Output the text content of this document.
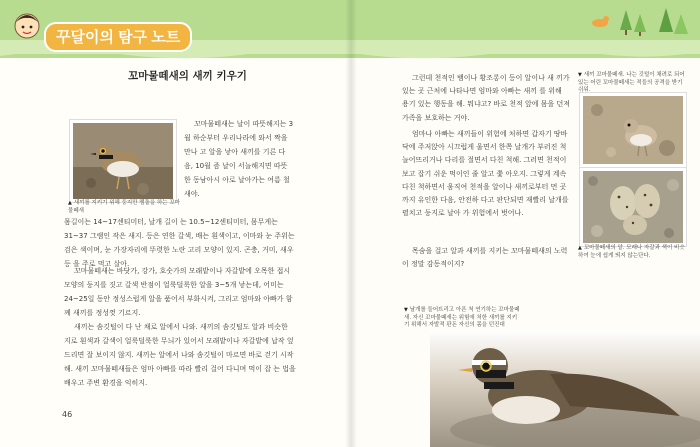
꾸달이의 탐구 노트
꼬마물떼새의 새끼 키우기
▲ 새끼를 지키기 위해 둥지만 맴돌을 하는 꼬마물떼새

꼬마물떼새는 날이 따뜻해지는 3월 하순부터 우리나라에 와서 짝을 만나 고 알을 낳아 새끼를 기른 다음, 10월 즘 날이 서늘해지면 따뜻한 동남아시 아로 날아가는 여름 철새야.

몸길이는 14~17센티미터, 날개 길이 는 10.5~12센티미터, 몸무게는 31~37 그램인 작은 새지. 등은 연한 갈색, 배는 흰색이고, 이마와 눈 주위는 검은 색이며, 눈 가장자리에 뚜렷한 노란 고리 모양이 있지. 곤충, 거미, 새우 등 을 주로 먹고 살아.

꼬마물떼새는 바닷가, 강가, 호숫가의 모래밭이나 자갈밭에 오목한 접시 모양의 둥지를 짓고 갈색 반점이 얼룩덜룩한 알을 3~5개 낳는데, 어미는 24~25일 동안 정성스럽게 알을 품어서 부화시켜, 그리고 엄마와 아빠가 함께 새끼를 정성껏 기르지.

새끼는 솜깃털이 다 난 채로 알에서 나와. 새끼의 솜깃털도 알과 비슷한 지로 흰색과 갈색이 얼룩덜룩한 무늬가 있어서 모래밭이나 자갈밭에 납작 엎드리면 잘 보이지 않지. 새끼는 알에서 나와 솜깃털이 마르면 바로 걷기 시작해. 새끼 꼬마물떼새들은 엄마 아빠를 따라 빨리 걸어 다니며 먹이 잡 는 법을 배우고 주변 환경을 익히지.

46

그런데 천적인 뱀이나 황조롱이 등이 알이나 새 끼가 있는 곳 근처에 나타나면 엄마와 아빠는 새끼 를 위해 용기 있는 행동을 해. 뭐냐고? 바로 천적 앞에 몸을 던져 가족을 보호하는 거야.

엄마나 아빠는 새끼들이 위험에 처하면 갑자기 땅바닥에 주저앉아 시끄럽게 울면서 한쪽 날개가 부러진 척 늘어뜨리거나 다리를 절면서 다친 척해. 그러면 천적이 보고 잡기 쉬운 먹이인 줄 알고 쫓 아오지. 그렇게 계속 다친 척하면서 움직여 천적을 알이나 새끼로부터 먼 곳까지 유인한 다음, 안전하 다고 판단되면 재빨리 날개를 펼치고 둥지로 날아 가 위험에서 벗어나.

목숨을 걸고 알과 새끼를 지키는 꼬마물떼새의 노력이 정말 감동적이지?

▼ 새끼 꼬마물떼새. 나는 깃털이 채려로 되어 있는 어린 꼬마물떼새는 적들의 공격을 받기 쉬워.
▲ 꼬마물떼새의 알. 모래나 자갈과 색이 비슷하여 눈에 쉽게 띄지 않는단다.
▼ 날개를 들어뜨리고 아픈 척 연기하는 꼬마물떼새. 자신 꼬마물떼새는 위험에 처한 새끼를 지키기 위해서 자발적 판돈 자신의 몸을 던진대
